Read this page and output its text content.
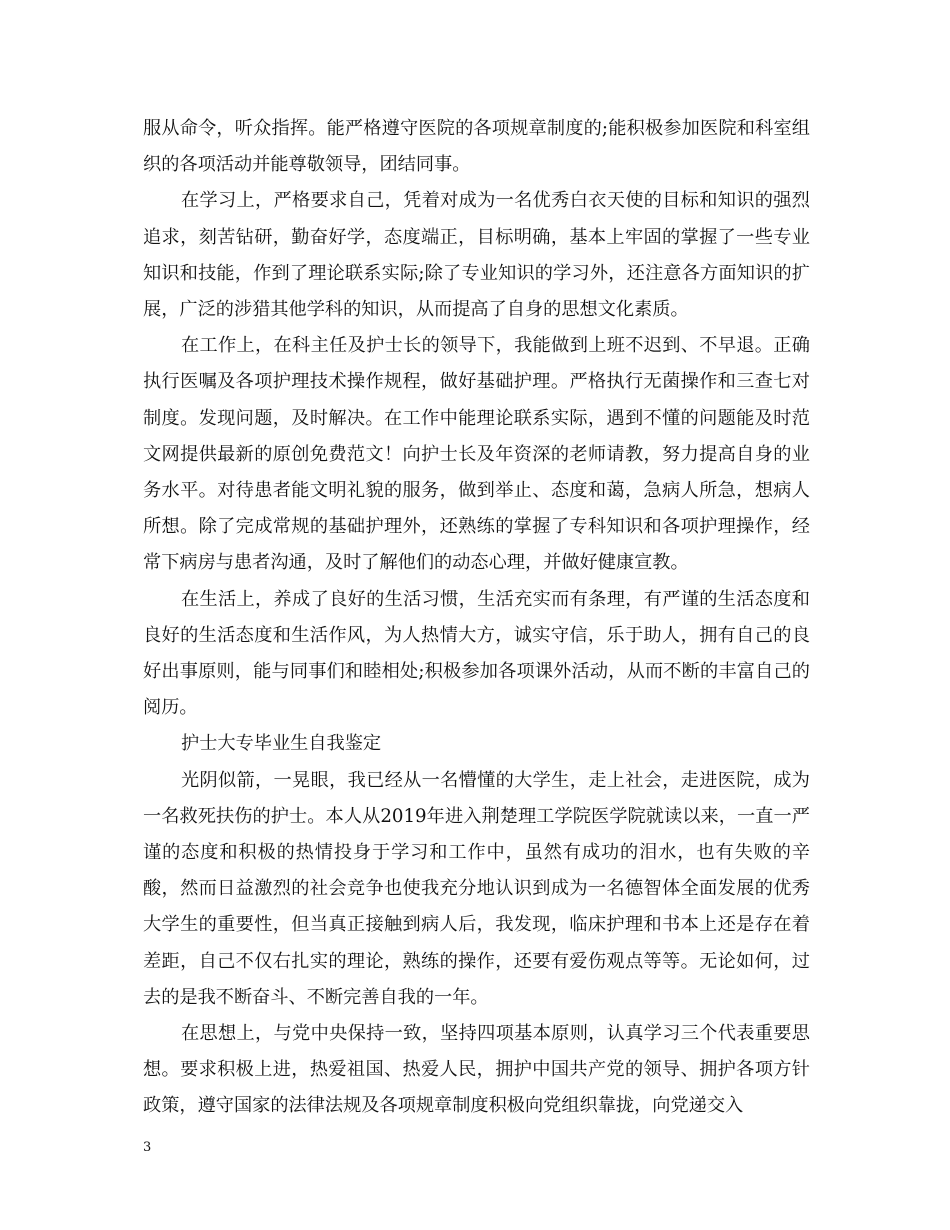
服从命令，听众指挥。能严格遵守医院的各项规章制度的;能积极参加医院和科室组织的各项活动并能尊敬领导，团结同事。

在学习上，严格要求自己，凭着对成为一名优秀白衣天使的目标和知识的强烈追求，刻苦钻研，勤奋好学，态度端正，目标明确，基本上牢固的掌握了一些专业知识和技能，作到了理论联系实际;除了专业知识的学习外，还注意各方面知识的扩展，广泛的涉猎其他学科的知识，从而提高了自身的思想文化素质。

在工作上，在科主任及护士长的领导下，我能做到上班不迟到、不早退。正确执行医嘱及各项护理技术操作规程，做好基础护理。严格执行无菌操作和三查七对制度。发现问题，及时解决。在工作中能理论联系实际，遇到不懂的问题能及时范文网提供最新的原创免费范文！向护士长及年资深的老师请教，努力提高自身的业务水平。对待患者能文明礼貌的服务，做到举止、态度和蔼，急病人所急，想病人所想。除了完成常规的基础护理外，还熟练的掌握了专科知识和各项护理操作，经常下病房与患者沟通，及时了解他们的动态心理，并做好健康宣教。

在生活上，养成了良好的生活习惯，生活充实而有条理，有严谨的生活态度和良好的生活态度和生活作风，为人热情大方，诚实守信，乐于助人，拥有自己的良好出事原则，能与同事们和睦相处;积极参加各项课外活动，从而不断的丰富自己的阅历。

护士大专毕业生自我鉴定

光阴似箭，一晃眼，我已经从一名懵懂的大学生，走上社会，走进医院，成为一名救死扶伤的护士。本人从2019年进入荆楚理工学院医学院就读以来，一直一严谨的态度和积极的热情投身于学习和工作中，虽然有成功的泪水，也有失败的辛酸，然而日益激烈的社会竞争也使我充分地认识到成为一名德智体全面发展的优秀大学生的重要性，但当真正接触到病人后，我发现，临床护理和书本上还是存在着差距，自己不仅右扎实的理论，熟练的操作，还要有爱伤观点等等。无论如何，过去的是我不断奋斗、不断完善自我的一年。

在思想上，与党中央保持一致，坚持四项基本原则，认真学习三个代表重要思想。要求积极上进，热爱祖国、热爱人民，拥护中国共产党的领导、拥护各项方针政策，遵守国家的法律法规及各项规章制度积极向党组织靠拢，向党递交入

3
